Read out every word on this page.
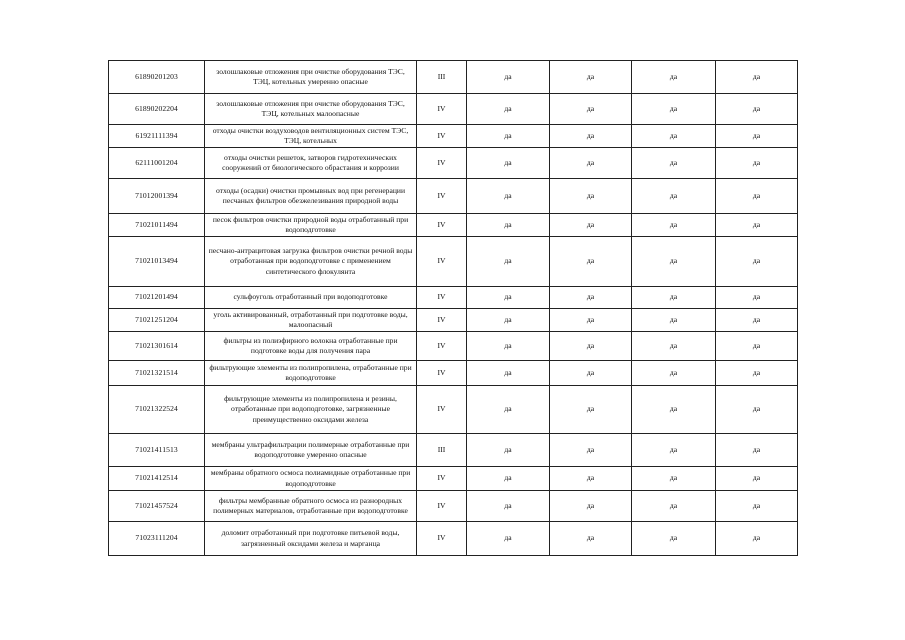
61890201203	золошлаковые отложения при очистке оборудования ТЭС, ТЭЦ, котельных умеренно опасные	III	да	да	да	да
61890202204	золошлаковые отложения при очистке оборудования ТЭС, ТЭЦ, котельных малоопасные	IV	да	да	да	да
61921111394	отходы очистки воздуховодов вентиляционных систем ТЭС, ТЭЦ, котельных	IV	да	да	да	да
62111001204	отходы очистки решеток, затворов гидротехнических сооружений от биологического обрастания и коррозии	IV	да	да	да	да
71012001394	отходы (осадки) очистки промывных вод при регенерации песчаных фильтров обезжелезивания природной воды	IV	да	да	да	да
71021011494	песок фильтров очистки природной воды отработанный при водоподготовке	IV	да	да	да	да
71021013494	песчано-антрацитовая загрузка фильтров очистки речной воды отработанная при водоподготовке с применением синтетического флокулянта	IV	да	да	да	да
71021201494	сульфоуголь отработанный при водоподготовке	IV	да	да	да	да
71021251204	уголь активированный, отработанный при подготовке воды, малоопасный	IV	да	да	да	да
71021301614	фильтры из полиэфирного волокна отработанные при подготовке воды для получения пара	IV	да	да	да	да
71021321514	фильтрующие элементы из полипропилена, отработанные при водоподготовке	IV	да	да	да	да
71021322524	фильтрующие элементы из полипропилена и резины, отработанные при водоподготовке, загрязненные преимущественно оксидами железа	IV	да	да	да	да
71021411513	мембраны ультрафильтрации полимерные отработанные при водоподготовке умеренно опасные	III	да	да	да	да
71021412514	мембраны обратного осмоса полиамидные отработанные при водоподготовке	IV	да	да	да	да
71021457524	фильтры мембранные обратного осмоса из разнородных полимерных материалов, отработанные при водоподготовке	IV	да	да	да	да
71023111204	доломит отработанный при подготовке питьевой воды, загрязненный оксидами железа и марганца	IV	да	да	да	да
